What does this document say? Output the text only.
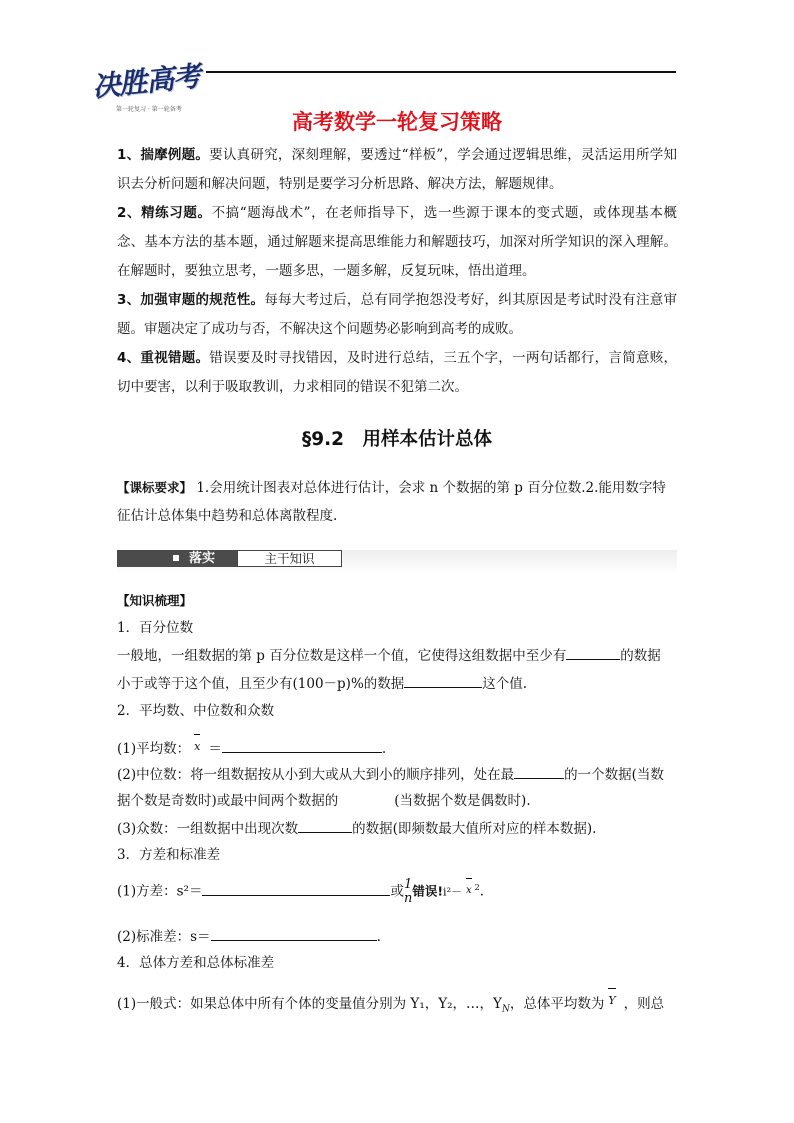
决胜高考
第一轮复习 · 第一轮备考
高考数学一轮复习策略
1、揣摩例题。要认真研究，深刻理解，要透过“样板”，学会通过逻辑思维，灵活运用所学知识去分析问题和解决问题，特别是要学习分析思路、解决方法，解题规律。
2、精练习题。不搞“题海战术”，在老师指导下，选一些源于课本的变式题，或体现基本概念、基本方法的基本题，通过解题来提高思维能力和解题技巧，加深对所学知识的深入理解。在解题时，要独立思考，一题多思，一题多解，反复玩味，悟出道理。
3、加强审题的规范性。每每大考过后，总有同学抱怨没考好，纠其原因是考试时没有注意审题。审题决定了成功与否，不解决这个问题势必影响到高考的成败。
4、重视错题。错误要及时寻找错因，及时进行总结，三五个字，一两句话都行，言简意赅，切中要害，以利于吸取教训，力求相同的错误不犯第二次。
§9.2　用样本估计总体
【课标要求】 1.会用统计图表对总体进行估计，会求 n 个数据的第 p 百分位数.2.能用数字特征估计总体集中趋势和总体离散程度.
落实	主干知识
【知识梳理】
1．百分位数
一般地，一组数据的第 p 百分位数是这样一个值，它使得这组数据中至少有	的数据
小于或等于这个值，且至少有(100－p)%的数据	这个值.
2．平均数、中位数和众数
(1)平均数： x ＝	.
(2)中位数：将一组数据按从小到大或从大到小的顺序排列，处在最	的一个数据(当数
据个数是奇数时)或最中间两个数据的	(当数据个数是偶数时).
(3)众数：一组数据中出现次数	的数据(即频数最大值所对应的样本数据).
3．方差和标准差
(1)方差：s²＝	或1
n错误!i²－ x $^2$.
(2)标准差：s＝	.
4．总体方差和总体标准差
(1)一般式：如果总体中所有个体的变量值分别为 Y₁，Y₂，…，$Y_N$，总体平均数为 Y ，则总
